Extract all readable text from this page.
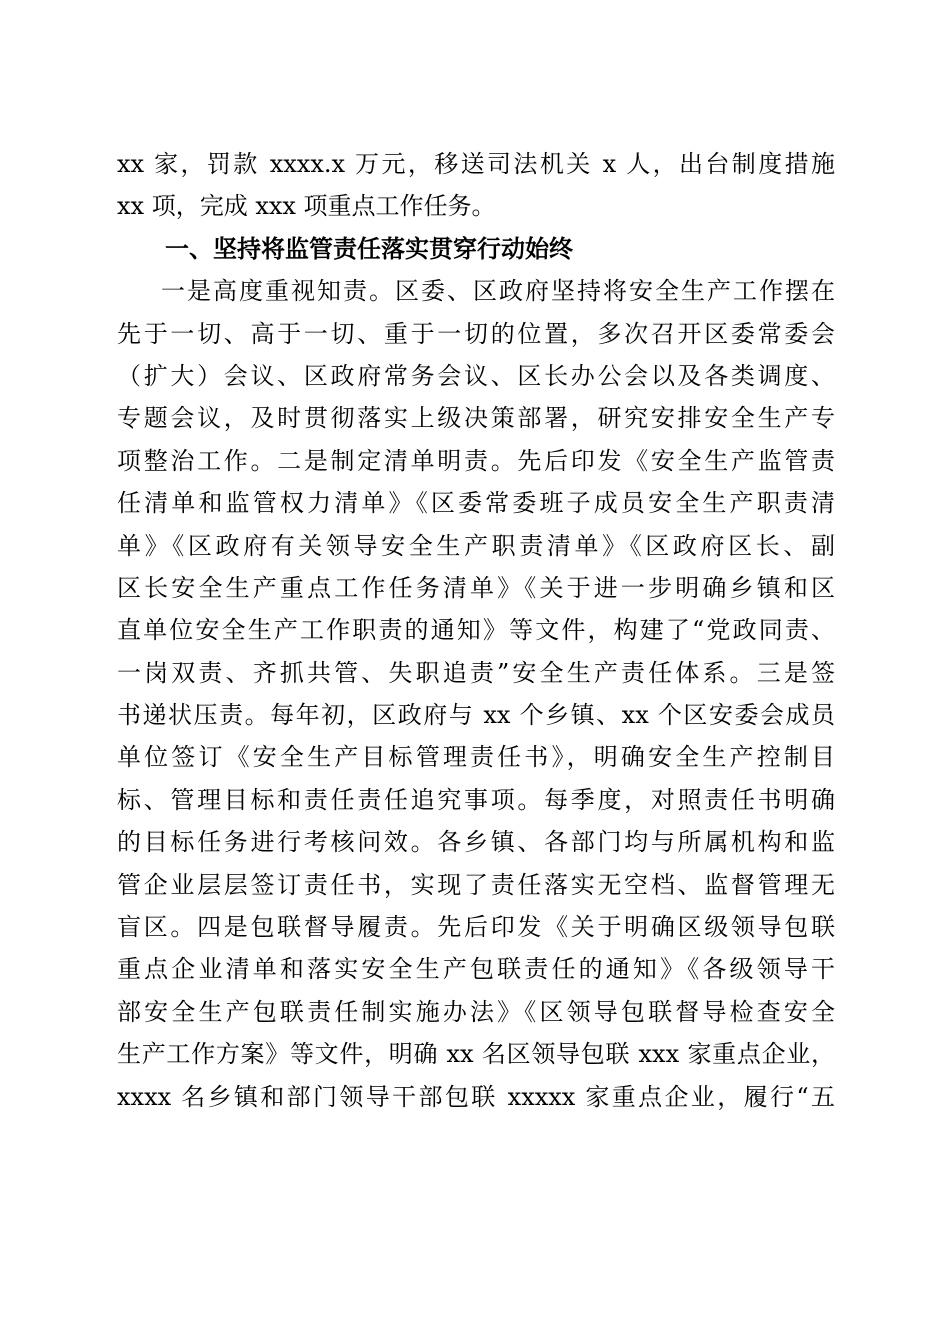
xx 家，罚款 xxxx.x 万元，移送司法机关 x 人，出台制度措施
xx 项，完成 xxx 项重点工作任务。
一、坚持将监管责任落实贯穿行动始终
一是高度重视知责。区委、区政府坚持将安全生产工作摆在
先于一切、高于一切、重于一切的位置，多次召开区委常委会
（扩大）会议、区政府常务会议、区长办公会以及各类调度、
专题会议，及时贯彻落实上级决策部署，研究安排安全生产专
项整治工作。二是制定清单明责。先后印发《安全生产监管责
任清单和监管权力清单》《区委常委班子成员安全生产职责清
单》《区政府有关领导安全生产职责清单》《区政府区长、副
区长安全生产重点工作任务清单》《关于进一步明确乡镇和区
直单位安全生产工作职责的通知》等文件，构建了“党政同责、
一岗双责、齐抓共管、失职追责”安全生产责任体系。三是签
书递状压责。每年初，区政府与 xx 个乡镇、xx 个区安委会成员
单位签订《安全生产目标管理责任书》，明确安全生产控制目
标、管理目标和责任责任追究事项。每季度，对照责任书明确
的目标任务进行考核问效。各乡镇、各部门均与所属机构和监
管企业层层签订责任书，实现了责任落实无空档、监督管理无
盲区。四是包联督导履责。先后印发《关于明确区级领导包联
重点企业清单和落实安全生产包联责任的通知》《各级领导干
部安全生产包联责任制实施办法》《区领导包联督导检查安全
生产工作方案》等文件，明确 xx 名区领导包联 xxx 家重点企业，
xxxx 名乡镇和部门领导干部包联 xxxxx 家重点企业，履行“五
